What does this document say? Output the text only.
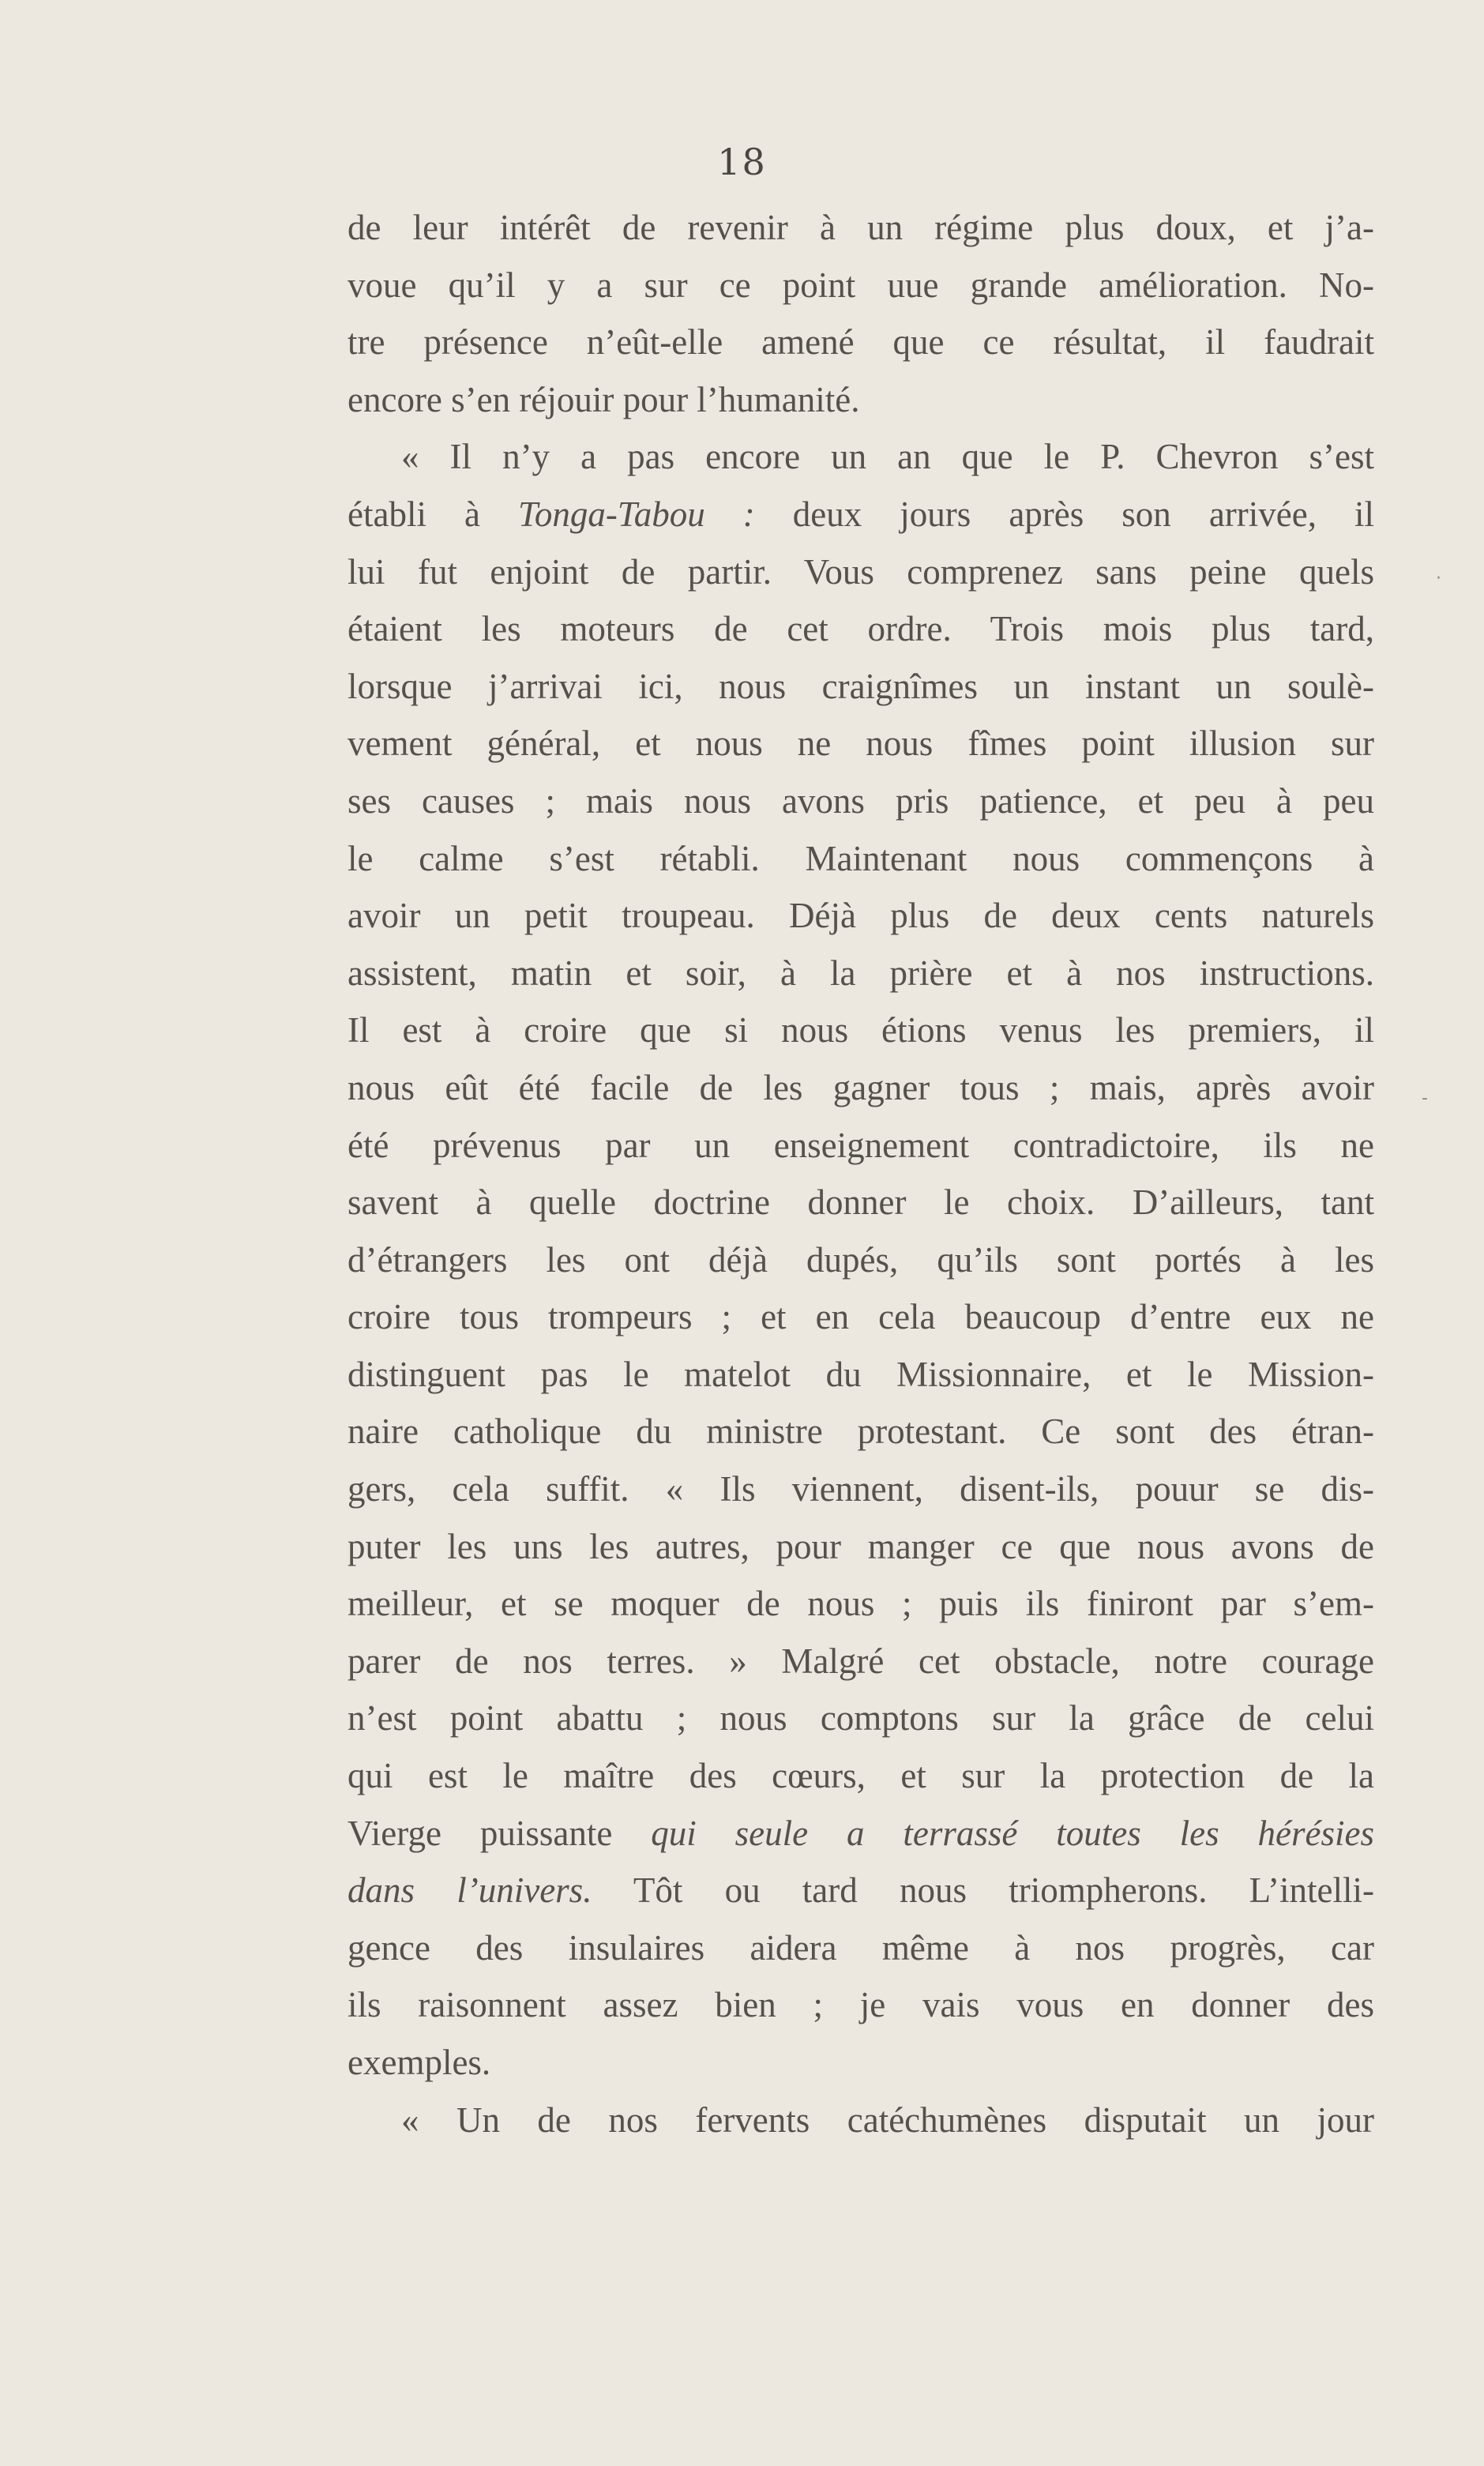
18
de leur intérêt de revenir à un régime plus doux, et j’a-
voue qu’il y a sur ce point uue grande amélioration. No-
tre présence n’eût-elle amené que ce résultat, il faudrait
encore s’en réjouir pour l’humanité.
« Il n’y a pas encore un an que le P. Chevron s’est
établi à Tonga-Tabou : deux jours après son arrivée, il
lui fut enjoint de partir. Vous comprenez sans peine quels
étaient les moteurs de cet ordre. Trois mois plus tard,
lorsque j’arrivai ici, nous craignîmes un instant un soulè-
vement général, et nous ne nous fîmes point illusion sur
ses causes ; mais nous avons pris patience, et peu à peu
le calme s’est rétabli. Maintenant nous commençons à
avoir un petit troupeau. Déjà plus de deux cents naturels
assistent, matin et soir, à la prière et à nos instructions.
Il est à croire que si nous étions venus les premiers, il
nous eût été facile de les gagner tous ; mais, après avoir
été prévenus par un enseignement contradictoire, ils ne
savent à quelle doctrine donner le choix. D’ailleurs, tant
d’étrangers les ont déjà dupés, qu’ils sont portés à les
croire tous trompeurs ; et en cela beaucoup d’entre eux ne
distinguent pas le matelot du Missionnaire, et le Mission-
naire catholique du ministre protestant. Ce sont des étran-
gers, cela suffit. « Ils viennent, disent-ils, pouur se dis-
puter les uns les autres, pour manger ce que nous avons de
meilleur, et se moquer de nous ; puis ils finiront par s’em-
parer de nos terres. » Malgré cet obstacle, notre courage
n’est point abattu ; nous comptons sur la grâce de celui
qui est le maître des cœurs, et sur la protection de la
Vierge puissante qui seule a terrassé toutes les hérésies
dans l’univers. Tôt ou tard nous triompherons. L’intelli-
gence des insulaires aidera même à nos progrès, car
ils raisonnent assez bien ; je vais vous en donner des
exemples.
« Un de nos fervents catéchumènes disputait un jour
·
-
